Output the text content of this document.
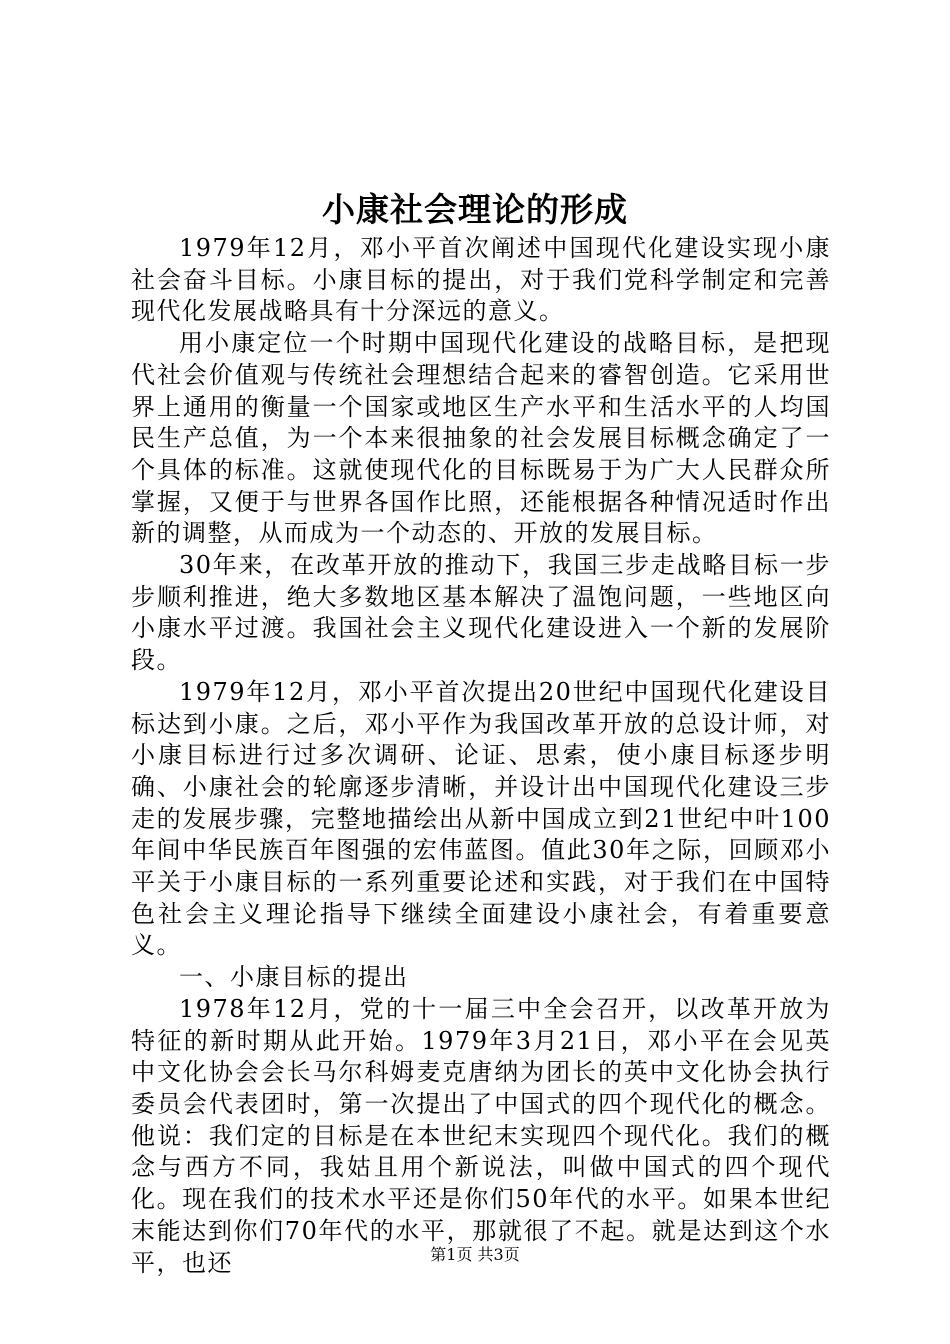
小康社会理论的形成

1979年12月，邓小平首次阐述中国现代化建设实现小康社会奋斗目标。小康目标的提出，对于我们党科学制定和完善现代化发展战略具有十分深远的意义。

用小康定位一个时期中国现代化建设的战略目标，是把现代社会价值观与传统社会理想结合起来的睿智创造。它采用世界上通用的衡量一个国家或地区生产水平和生活水平的人均国民生产总值，为一个本来很抽象的社会发展目标概念确定了一个具体的标准。这就使现代化的目标既易于为广大人民群众所掌握，又便于与世界各国作比照，还能根据各种情况适时作出新的调整，从而成为一个动态的、开放的发展目标。

30年来，在改革开放的推动下，我国三步走战略目标一步步顺利推进，绝大多数地区基本解决了温饱问题，一些地区向小康水平过渡。我国社会主义现代化建设进入一个新的发展阶段。

1979年12月，邓小平首次提出20世纪中国现代化建设目标达到小康。之后，邓小平作为我国改革开放的总设计师，对小康目标进行过多次调研、论证、思索，使小康目标逐步明确、小康社会的轮廓逐步清晰，并设计出中国现代化建设三步走的发展步骤，完整地描绘出从新中国成立到21世纪中叶100年间中华民族百年图强的宏伟蓝图。值此30年之际，回顾邓小平关于小康目标的一系列重要论述和实践，对于我们在中国特色社会主义理论指导下继续全面建设小康社会，有着重要意义。

一、小康目标的提出

1978年12月，党的十一届三中全会召开，以改革开放为特征的新时期从此开始。1979年3月21日，邓小平在会见英中文化协会会长马尔科姆麦克唐纳为团长的英中文化协会执行委员会代表团时，第一次提出了中国式的四个现代化的概念。他说：我们定的目标是在本世纪末实现四个现代化。我们的概念与西方不同，我姑且用个新说法，叫做中国式的四个现代化。现在我们的技术水平还是你们50年代的水平。如果本世纪末能达到你们70年代的水平，那就很了不起。就是达到这个水平，也还	第1页 共3页
